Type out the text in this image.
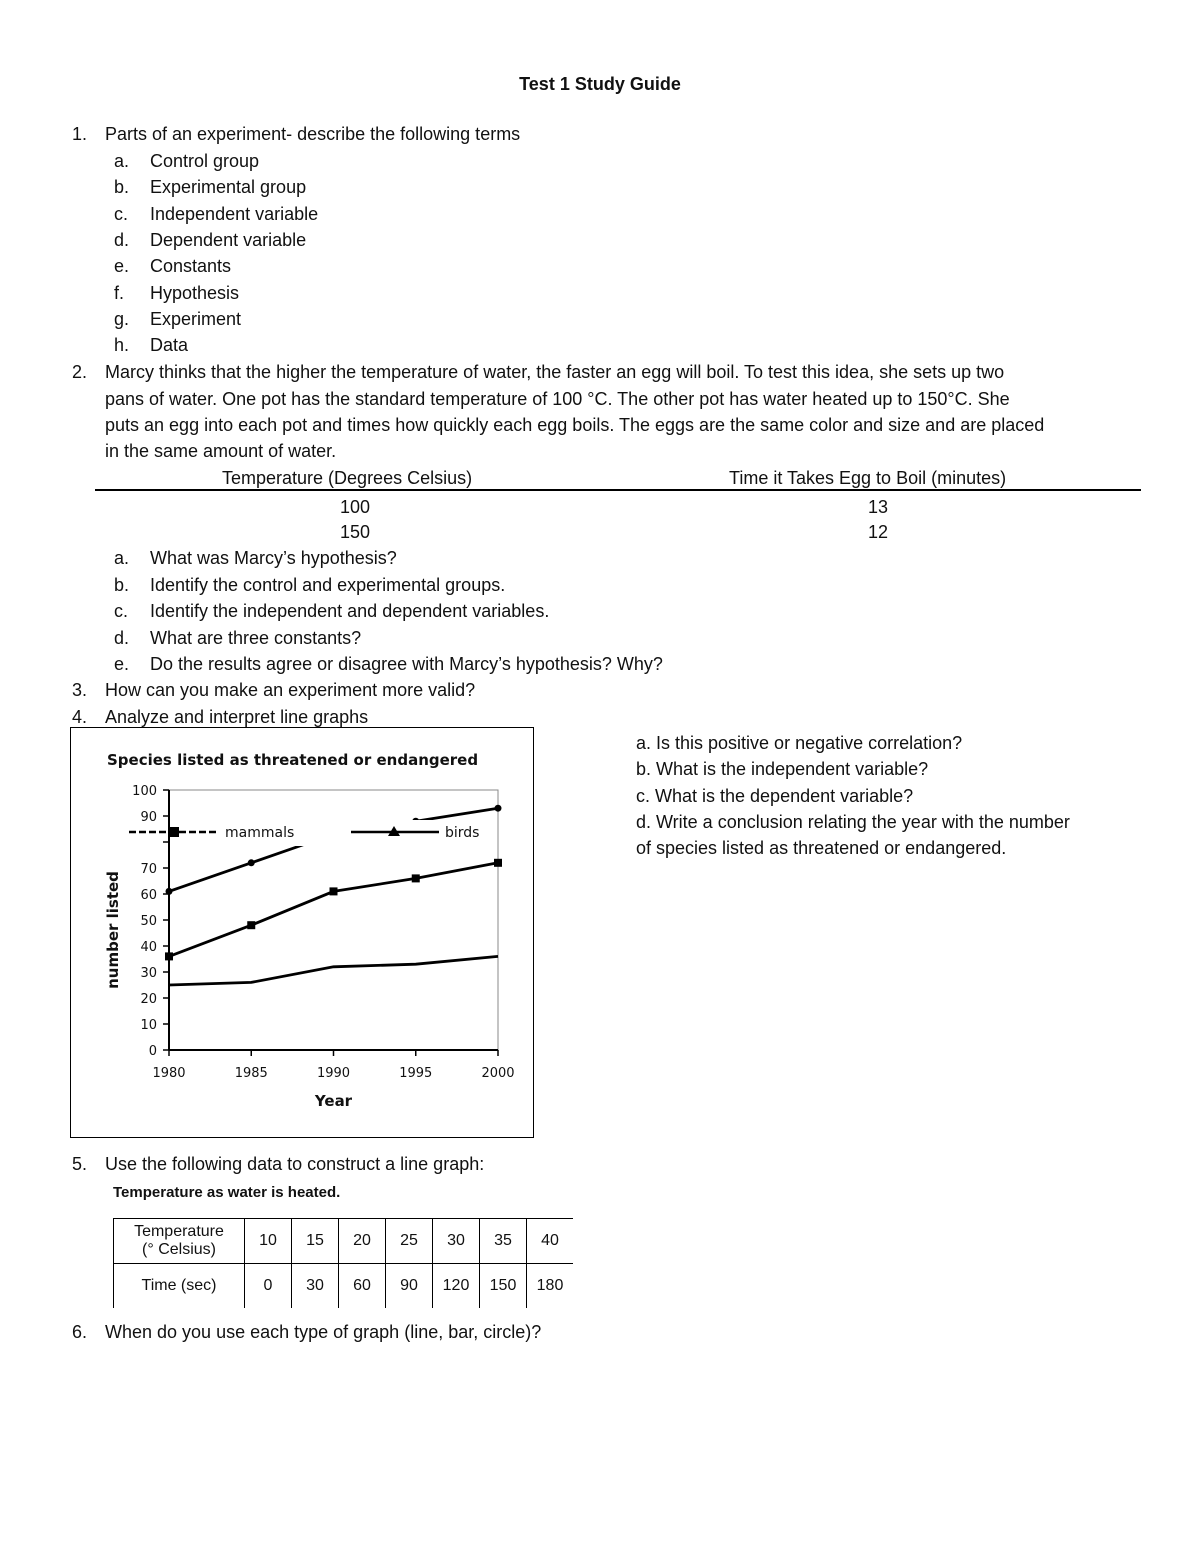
Test 1 Study Guide
1. Parts of an experiment- describe the following terms
a. Control group
b. Experimental group
c. Independent variable
d. Dependent variable
e. Constants
f. Hypothesis
g. Experiment
h. Data
2. Marcy thinks that the higher the temperature of water, the faster an egg will boil. To test this idea, she sets up two
pans of water. One pot has the standard temperature of 100 °C. The other pot has water heated up to 150°C. She
puts an egg into each pot and times how quickly each egg boils. The eggs are the same color and size and are placed
in the same amount of water.
Temperature (Degrees Celsius)	Time it Takes Egg to Boil (minutes)
100	13
150	12
a. What was Marcy’s hypothesis?
b. Identify the control and experimental groups.
c. Identify the independent and dependent variables.
d. What are three constants?
e. Do the results agree or disagree with Marcy’s hypothesis? Why?
3. How can you make an experiment more valid?
4. Analyze and interpret line graphs
a. Is this positive or negative correlation?
b. What is the independent variable?
c. What is the dependent variable?
d. Write a conclusion relating the year with the number
of species listed as threatened or endangered.
Species listed as threatened or endangered
0
10
20
30
40
50
60
70
90
100
1980	1985	1990	1995	2000
Year
number listed
mammals	birds
5. Use the following data to construct a line graph:
Temperature as water is heated.
Temperature
(° Celsius)	10	15	20	25	30	35	40
Time (sec)	0	30	60	90	120	150	180
6. When do you use each type of graph (line, bar, circle)?
